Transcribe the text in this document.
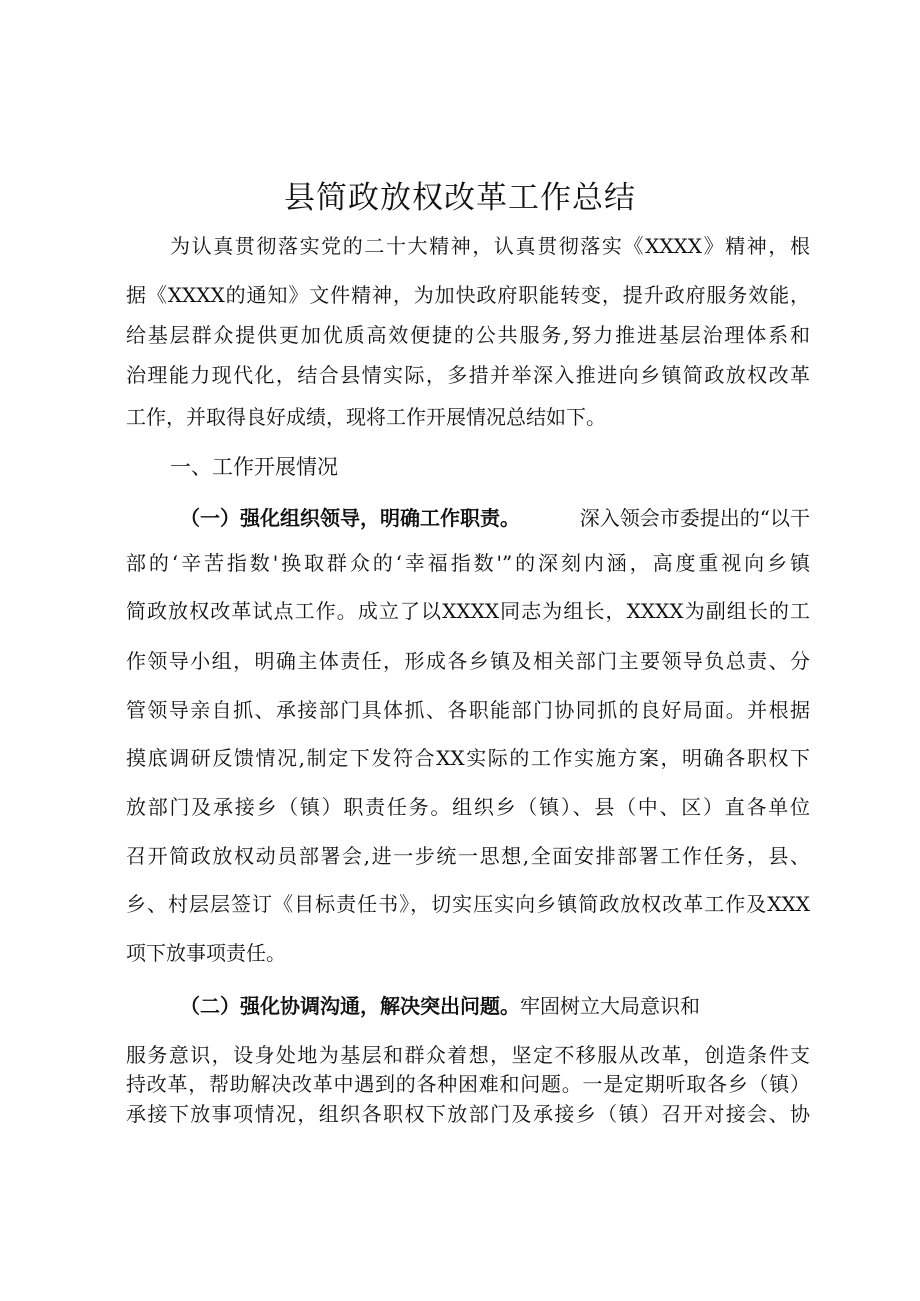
县简政放权改革工作总结
为认真贯彻落实党的二十大精神，认真贯彻落实《XXXX》精神，根
据《XXXX的通知》文件精神，为加快政府职能转变，提升政府服务效能，
给基层群众提供更加优质高效便捷的公共服务,努力推进基层治理体系和
治理能力现代化，结合县情实际，多措并举深入推进向乡镇简政放权改革
工作，并取得良好成绩，现将工作开展情况总结如下。
一、工作开展情况
（一）强化组织领导，明确工作职责。	深入领会市委提出的“以干
部的‘辛苦指数'换取群众的‘幸福指数'”的深刻内涵，高度重视向乡镇
简政放权改革试点工作。成立了以XXXX同志为组长，XXXX为副组长的工
作领导小组，明确主体责任，形成各乡镇及相关部门主要领导负总责、分
管领导亲自抓、承接部门具体抓、各职能部门协同抓的良好局面。并根据
摸底调研反馈情况,制定下发符合XX实际的工作实施方案，明确各职权下
放部门及承接乡（镇）职责任务。组织乡（镇）、县（中、区）直各单位
召开简政放权动员部署会,进一步统一思想,全面安排部署工作任务，县、
乡、村层层签订《目标责任书》，切实压实向乡镇简政放权改革工作及XXX
项下放事项责任。
（二）强化协调沟通，解决突出问题。牢固树立大局意识和
服务意识，设身处地为基层和群众着想，坚定不移服从改革，创造条件支
持改革，帮助解决改革中遇到的各种困难和问题。一是定期听取各乡（镇）
承接下放事项情况，组织各职权下放部门及承接乡（镇）召开对接会、协
